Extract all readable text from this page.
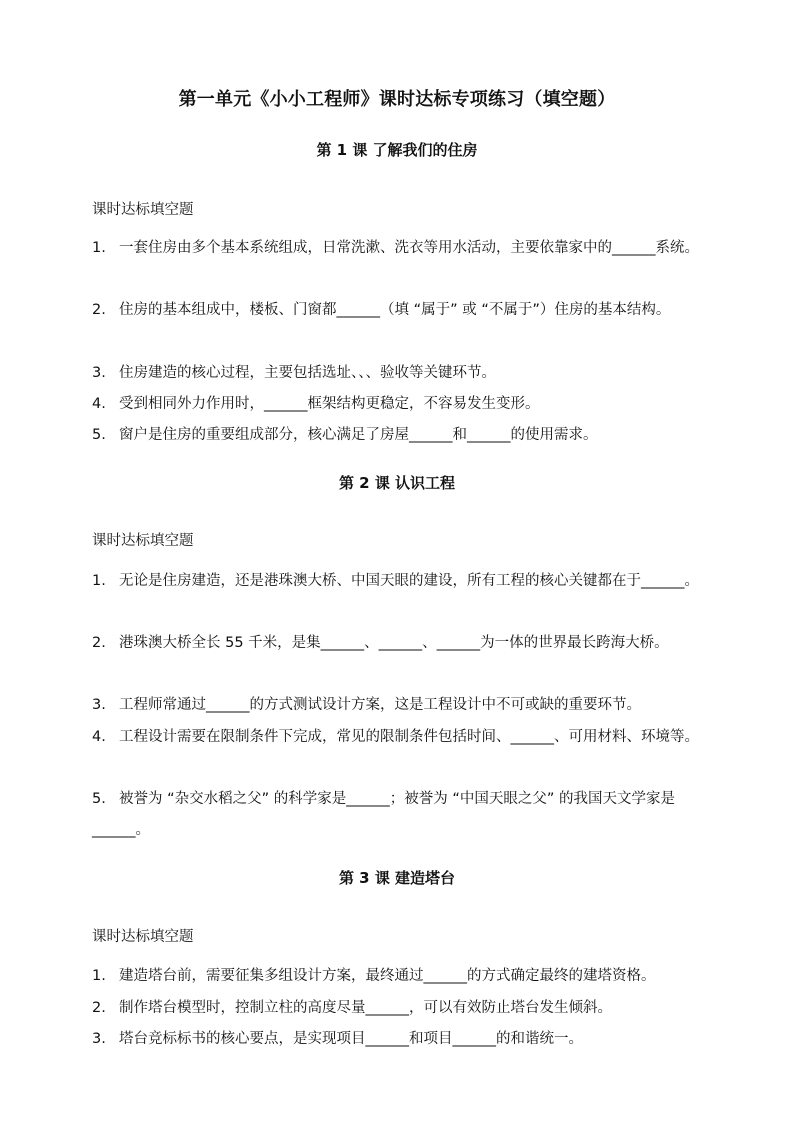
第一单元《小小工程师》课时达标专项练习（填空题）
第 1 课 了解我们的住房
课时达标填空题
1. 一套住房由多个基本系统组成，日常洗漱、洗衣等用水活动，主要依靠家中的______系统。
2. 住房的基本组成中，楼板、门窗都______（填 “属于” 或 “不属于”）住房的基本结构。
3. 住房建造的核心过程，主要包括选址、、、验收等关键环节。
4. 受到相同外力作用时，______框架结构更稳定，不容易发生变形。
5. 窗户是住房的重要组成部分，核心满足了房屋______和______的使用需求。
第 2 课 认识工程
课时达标填空题
1. 无论是住房建造，还是港珠澳大桥、中国天眼的建设，所有工程的核心关键都在于______。
2. 港珠澳大桥全长 55 千米，是集______、______、______为一体的世界最长跨海大桥。
3. 工程师常通过______的方式测试设计方案，这是工程设计中不可或缺的重要环节。
4. 工程设计需要在限制条件下完成，常见的限制条件包括时间、______、可用材料、环境等。
5. 被誉为 “杂交水稻之父” 的科学家是______；被誉为 “中国天眼之父” 的我国天文学家是______。
第 3 课 建造塔台
课时达标填空题
1. 建造塔台前，需要征集多组设计方案，最终通过______的方式确定最终的建塔资格。
2. 制作塔台模型时，控制立柱的高度尽量______，可以有效防止塔台发生倾斜。
3. 塔台竞标标书的核心要点，是实现项目______和项目______的和谐统一。
